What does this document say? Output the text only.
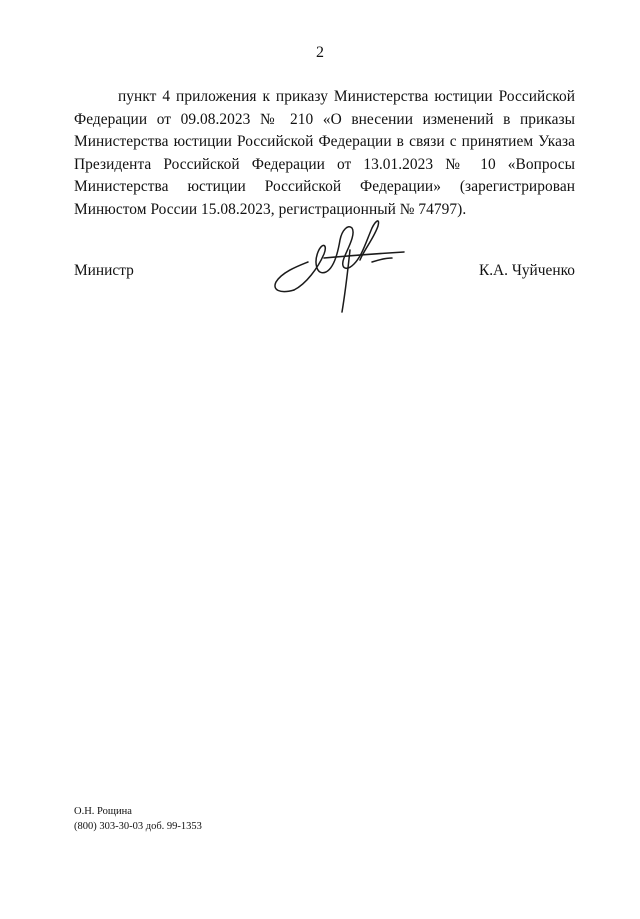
2

пункт 4 приложения к приказу Министерства юстиции Российской Федерации от 09.08.2023 № 210 «О внесении изменений в приказы Министерства юстиции Российской Федерации в связи с принятием Указа Президента Российской Федерации от 13.01.2023 № 10 «Вопросы Министерства юстиции Российской Федерации» (зарегистрирован Минюстом России 15.08.2023, регистрационный № 74797).

Министр	К.А. Чуйченко
О.Н. Рощина
(800) 303-30-03 доб. 99-1353
